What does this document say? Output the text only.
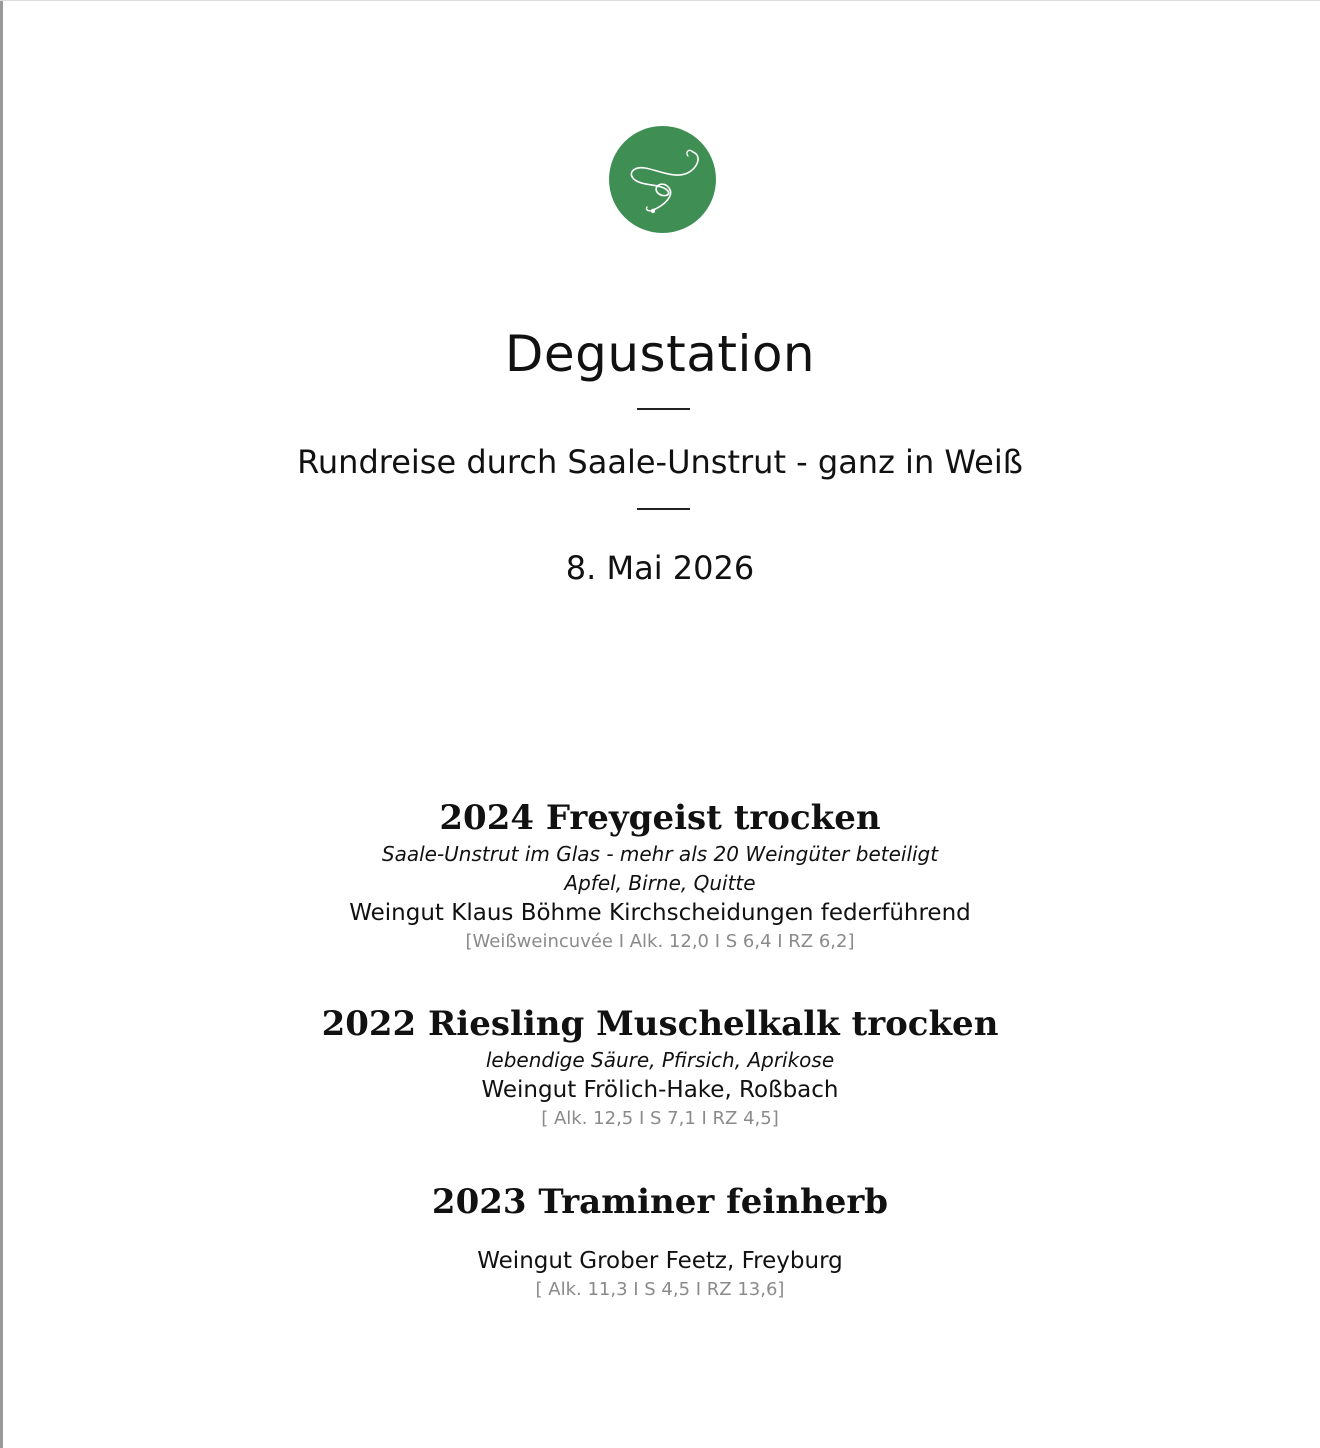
Degustation
Rundreise durch Saale-Unstrut - ganz in Weiß
8. Mai 2026
2024 Freygeist trocken
Saale-Unstrut im Glas - mehr als 20 Weingüter beteiligt
Apfel, Birne, Quitte
Weingut Klaus Böhme Kirchscheidungen federführend
[Weißweincuvée I Alk. 12,0 I S 6,4 I RZ 6,2]
2022 Riesling Muschelkalk trocken
lebendige Säure, Pfirsich, Aprikose
Weingut Frölich-Hake, Roßbach
[ Alk. 12,5 I S 7,1 I RZ 4,5]
2023 Traminer feinherb
Weingut Grober Feetz, Freyburg
[ Alk. 11,3 I S 4,5 I RZ 13,6]
